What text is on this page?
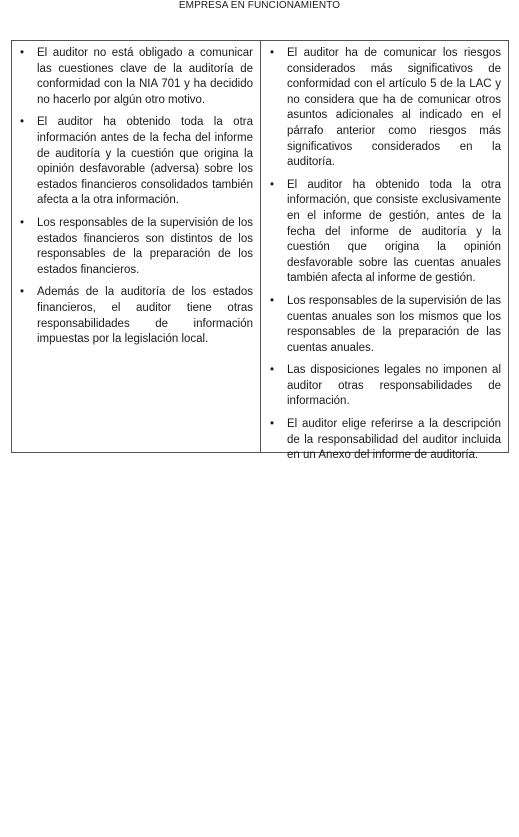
EMPRESA EN FUNCIONAMIENTO
•	El auditor no está obligado a comunicar las cuestiones clave de la auditoría de conformidad con la NIA 701 y ha decidido no hacerlo por algún otro motivo.
•	El auditor ha obtenido toda la otra información antes de la fecha del informe de auditoría y la cuestión que origina la opinión desfavorable (adversa) sobre los estados financieros consolidados también afecta a la otra información.
•	Los responsables de la supervisión de los estados financieros son distintos de los responsables de la preparación de los estados financieros.
•	Además de la auditoría de los estados financieros, el auditor tiene otras responsabilidades de información impuestas por la legislación local.
•	El auditor ha de comunicar los riesgos considerados más significativos de conformidad con el artículo 5 de la LAC y no considera que ha de comunicar otros asuntos adicionales al indicado en el párrafo anterior como riesgos más significativos considerados en la auditoría.
•	El auditor ha obtenido toda la otra información, que consiste exclusivamente en el informe de gestión, antes de la fecha del informe de auditoría y la cuestión que origina la opinión desfavorable sobre las cuentas anuales también afecta al informe de gestión.
•	Los responsables de la supervisión de las cuentas anuales son los mismos que los responsables de la preparación de las cuentas anuales.
•	Las disposiciones legales no imponen al auditor otras responsabilidades de información.
•	El auditor elige referirse a la descripción de la responsabilidad del auditor incluida en un Anexo del informe de auditoría.
